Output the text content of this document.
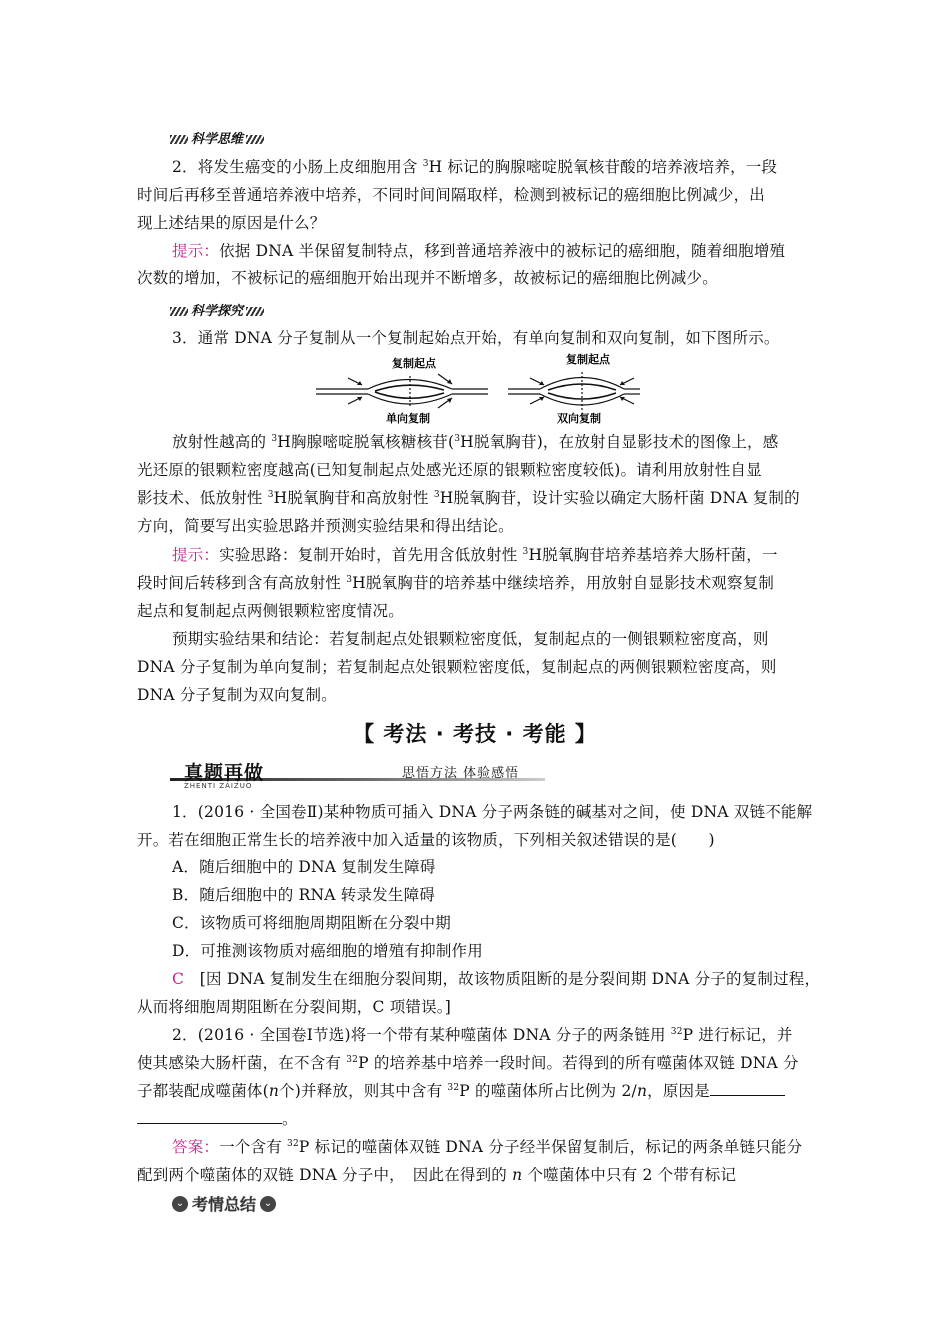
科学思维
2．将发生癌变的小肠上皮细胞用含 $^3$H 标记的胸腺嘧啶脱氧核苷酸的培养液培养，一段
时间后再移至普通培养液中培养，不同时间间隔取样，检测到被标记的癌细胞比例减少，出
现上述结果的原因是什么？
提示：依据 DNA 半保留复制特点，移到普通培养液中的被标记的癌细胞，随着细胞增殖
次数的增加，不被标记的癌细胞开始出现并不断增多，故被标记的癌细胞比例减少。
科学探究
3．通常 DNA 分子复制从一个复制起始点开始，有单向复制和双向复制，如下图所示。
复制起点	复制起点
单向复制	双向复制
放射性越高的 $^3$H胸腺嘧啶脱氧核糖核苷($^3$H脱氧胸苷)，在放射自显影技术的图像上，感
光还原的银颗粒密度越高(已知复制起点处感光还原的银颗粒密度较低)。请利用放射性自显
影技术、低放射性 $^3$H脱氧胸苷和高放射性 $^3$H脱氧胸苷，设计实验以确定大肠杆菌 DNA 复制的
方向，简要写出实验思路并预测实验结果和得出结论。
提示：实验思路：复制开始时，首先用含低放射性 $^3$H脱氧胸苷培养基培养大肠杆菌，一
段时间后转移到含有高放射性 $^3$H脱氧胸苷的培养基中继续培养，用放射自显影技术观察复制
起点和复制起点两侧银颗粒密度情况。
预期实验结果和结论：若复制起点处银颗粒密度低，复制起点的一侧银颗粒密度高，则
DNA 分子复制为单向复制；若复制起点处银颗粒密度低，复制起点的两侧银颗粒密度高，则
DNA 分子复制为双向复制。
【 考法 · 考技 · 考能 】
真题再做
ZHENTI ZAIZUO
思悟方法 体验感悟
1．(2016 · 全国卷Ⅱ)某种物质可插入 DNA 分子两条链的碱基对之间，使 DNA 双链不能解
开。若在细胞正常生长的培养液中加入适量的该物质，下列相关叙述错误的是(　　)
A．随后细胞中的 DNA 复制发生障碍
B．随后细胞中的 RNA 转录发生障碍
C．该物质可将细胞周期阻断在分裂中期
D．可推测该物质对癌细胞的增殖有抑制作用
C　 [因 DNA 复制发生在细胞分裂间期，故该物质阻断的是分裂间期 DNA 分子的复制过程，
从而将细胞周期阻断在分裂间期，C 项错误。]
2．(2016 · 全国卷Ⅰ节选)将一个带有某种噬菌体 DNA 分子的两条链用 $^{32}$P 进行标记，并
使其感染大肠杆菌，在不含有 $^{32}$P 的培养基中培养一段时间。若得到的所有噬菌体双链 DNA 分
子都装配成噬菌体(n个)并释放，则其中含有 $^{32}$P 的噬菌体所占比例为 2/n，原因是
。
答案：一个含有 $^{32}$P 标记的噬菌体双链 DNA 分子经半保留复制后，标记的两条单链只能分
配到两个噬菌体的双链 DNA 分子中，　因此在得到的 n 个噬菌体中只有 2 个带有标记
⌄ 考情总结 ⌄
